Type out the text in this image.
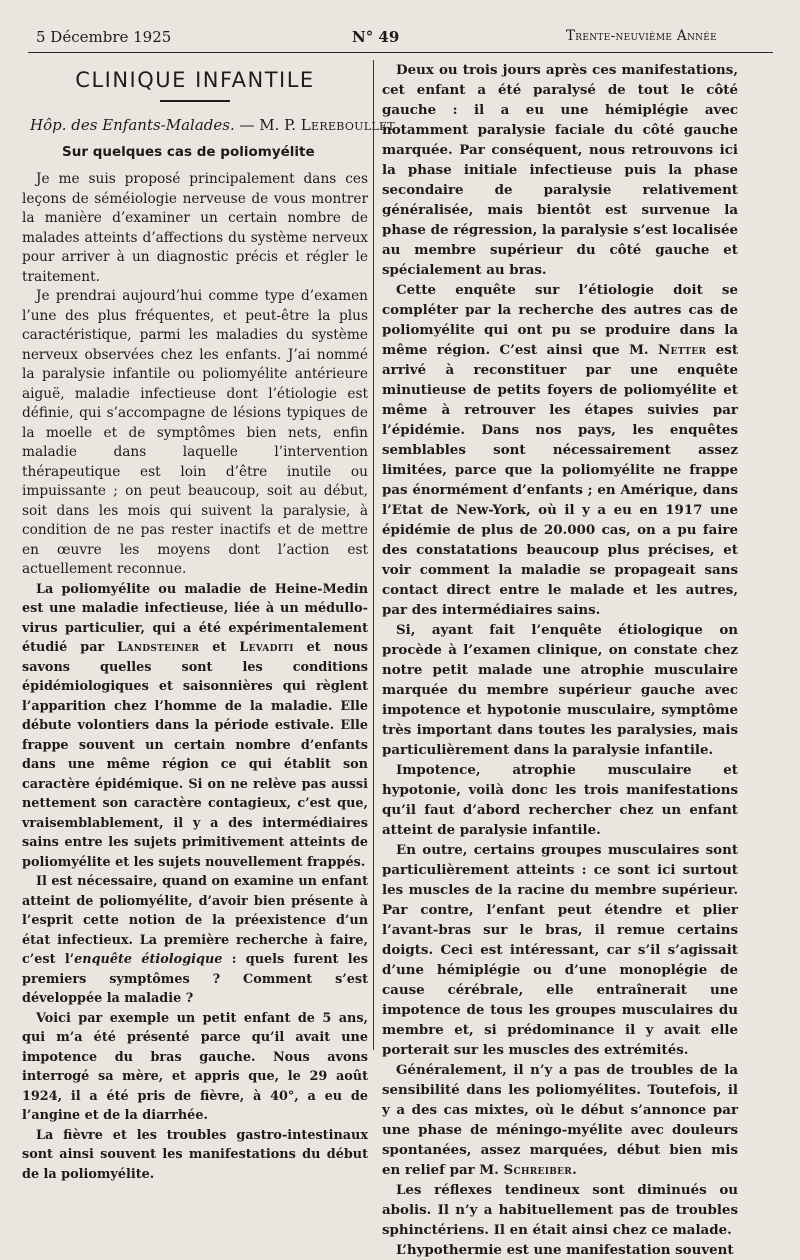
5 Décembre 1925	N° 49	Trente-neuvième Année
CLINIQUE INFANTILE
Hôp. des Enfants-Malades. — M. P. Lereboullet
Sur quelques cas de poliomyélite

Je me suis proposé principalement dans ces leçons de séméiologie nerveuse de vous montrer la manière d’examiner un certain nombre de malades atteints d’affections du système nerveux pour arriver à un diagnostic précis et régler le traitement.

Je prendrai aujourd’hui comme type d’examen l’une des plus fréquentes, et peut-être la plus caractéristique, parmi les maladies du système nerveux observées chez les enfants. J’ai nommé la paralysie infantile ou poliomyélite antérieure aiguë, maladie infectieuse dont l’étiologie est définie, qui s’accompagne de lésions typiques de la moelle et de symptômes bien nets, enfin maladie dans laquelle l’intervention thérapeutique est loin d’être inutile ou impuissante ; on peut beaucoup, soit au début, soit dans les mois qui suivent la paralysie, à condition de ne pas rester inactifs et de mettre en œuvre les moyens dont l’action est actuellement reconnue.

La poliomyélite ou maladie de Heine-Medin est une maladie infectieuse, liée à un médullo-virus particulier, qui a été expérimentalement étudié par Landsteiner et Levaditi et nous savons quelles sont les conditions épidémiologiques et saisonnières qui règlent l’apparition chez l’homme de la maladie. Elle débute volontiers dans la période estivale. Elle frappe souvent un certain nombre d’enfants dans une même région ce qui établit son caractère épidémique. Si on ne relève pas aussi nettement son caractère contagieux, c’est que, vraisemblablement, il y a des intermédiaires sains entre les sujets primitivement atteints de poliomyélite et les sujets nouvellement frappés.

Il est nécessaire, quand on examine un enfant atteint de poliomyélite, d’avoir bien présente à l’esprit cette notion de la préexistence d’un état infectieux. La première recherche à faire, c’est l’enquête étiologique : quels furent les premiers symptômes ? Comment s’est développée la maladie ?

Voici par exemple un petit enfant de 5 ans, qui m’a été présenté parce qu’il avait une impotence du bras gauche. Nous avons interrogé sa mère, et appris que, le 29 août 1924, il a été pris de fièvre, à 40°, a eu de l’angine et de la diarrhée.

La fièvre et les troubles gastro-intestinaux sont ainsi souvent les manifestations du début de la poliomyélite.

Deux ou trois jours après ces manifestations, cet enfant a été paralysé de tout le côté gauche : il a eu une hémiplégie avec notamment paralysie faciale du côté gauche marquée. Par conséquent, nous retrouvons ici la phase initiale infectieuse puis la phase secondaire de paralysie relativement généralisée, mais bientôt est survenue la phase de régression, la paralysie s’est localisée au membre supérieur du côté gauche et spécialement au bras.

Cette enquête sur l’étiologie doit se compléter par la recherche des autres cas de poliomyélite qui ont pu se produire dans la même région. C’est ainsi que M. Netter est arrivé à reconstituer par une enquête minutieuse de petits foyers de poliomyélite et même à retrouver les étapes suivies par l’épidémie. Dans nos pays, les enquêtes semblables sont nécessairement assez limitées, parce que la poliomyélite ne frappe pas énormément d’enfants ; en Amérique, dans l’Etat de New-York, où il y a eu en 1917 une épidémie de plus de 20.000 cas, on a pu faire des constatations beaucoup plus précises, et voir comment la maladie se propageait sans contact direct entre le malade et les autres, par des intermédiaires sains.

Si, ayant fait l’enquête étiologique on procède à l’examen clinique, on constate chez notre petit malade une atrophie musculaire marquée du membre supérieur gauche avec impotence et hypotonie musculaire, symptôme très important dans toutes les paralysies, mais particulièrement dans la paralysie infantile.

Impotence, atrophie musculaire et hypotonie, voilà donc les trois manifestations qu’il faut d’abord rechercher chez un enfant atteint de paralysie infantile.

En outre, certains groupes musculaires sont particulièrement atteints : ce sont ici surtout les muscles de la racine du membre supérieur. Par contre, l’enfant peut étendre et plier l’avant-bras sur le bras, il remue certains doigts. Ceci est intéressant, car s’il s’agissait d’une hémiplégie ou d’une monoplégie de cause cérébrale, elle entraînerait une impotence de tous les groupes musculaires du membre et, si prédominance il y avait elle porterait sur les muscles des extrémités.

Généralement, il n’y a pas de troubles de la sensibilité dans les poliomyélites. Toutefois, il y a des cas mixtes, où le début s’annonce par une phase de méningo-myélite avec douleurs spontanées, assez marquées, début bien mis en relief par M. Schreiber.

Les réflexes tendineux sont diminués ou abolis. Il n’y a habituellement pas de troubles sphinctériens. Il en était ainsi chez ce malade.

L’hypothermie est une manifestation souvent
